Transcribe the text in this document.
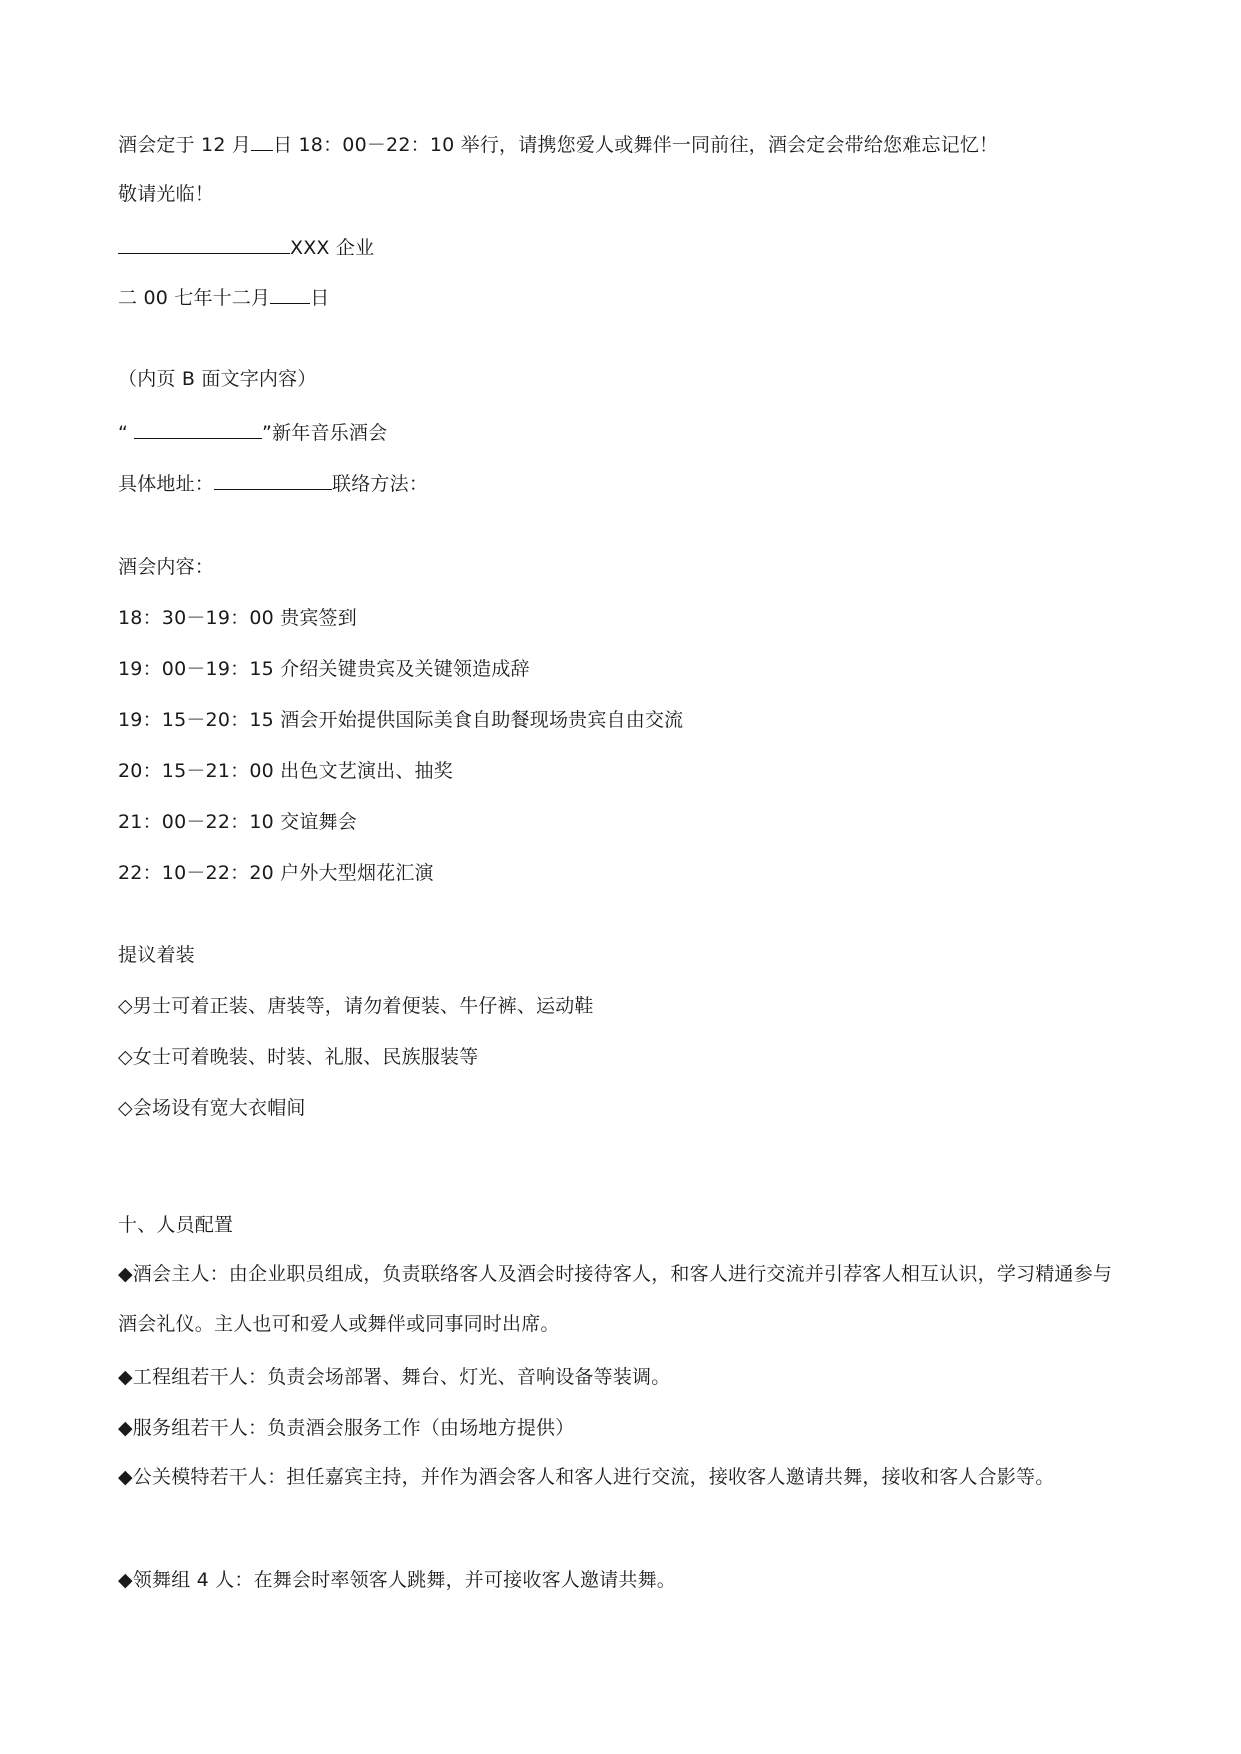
酒会定于 12 月 日 18：00－22：10 举行，请携您爱人或舞伴一同前往，酒会定会带给您难忘记忆！
敬请光临！
XXX 企业
二 00 七年十二月 日
（内页 B 面文字内容）
“	”新年音乐酒会
具体地址：	联络方法：
酒会内容：
18：30－19：00 贵宾签到
19：00－19：15 介绍关键贵宾及关键领造成辞
19：15－20：15 酒会开始提供国际美食自助餐现场贵宾自由交流
20：15－21：00 出色文艺演出、抽奖
21：00－22：10 交谊舞会
22：10－22：20 户外大型烟花汇演
提议着装
◇男士可着正装、唐装等，请勿着便装、牛仔裤、运动鞋
◇女士可着晚装、时装、礼服、民族服装等
◇会场设有宽大衣帽间
十、人员配置
◆酒会主人：由企业职员组成，负责联络客人及酒会时接待客人，和客人进行交流并引荐客人相互认识，学习精通参与酒会礼仪。主人也可和爱人或舞伴或同事同时出席。
◆工程组若干人：负责会场部署、舞台、灯光、音响设备等装调。
◆服务组若干人：负责酒会服务工作（由场地方提供）
◆公关模特若干人：担任嘉宾主持，并作为酒会客人和客人进行交流，接收客人邀请共舞，接收和客人合影等。
◆领舞组 4 人：在舞会时率领客人跳舞，并可接收客人邀请共舞。
